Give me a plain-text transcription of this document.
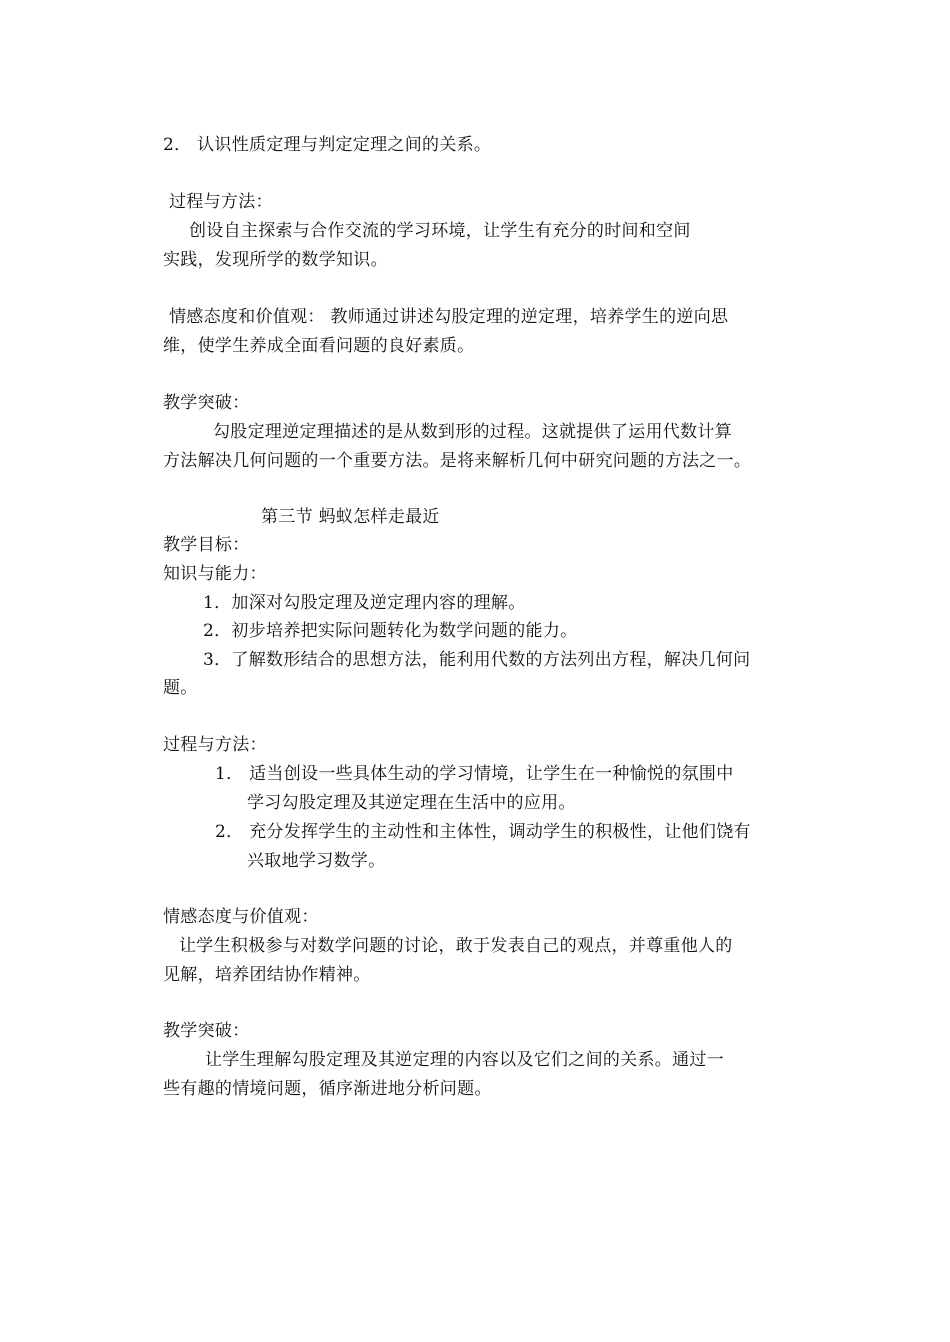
2． 认识性质定理与判定定理之间的关系。
过程与方法：
创设自主探索与合作交流的学习环境，让学生有充分的时间和空间
实践，发现所学的数学知识。
情感态度和价值观： 教师通过讲述勾股定理的逆定理，培养学生的逆向思
维，使学生养成全面看问题的良好素质。
教学突破：
勾股定理逆定理描述的是从数到形的过程。这就提供了运用代数计算
方法解决几何问题的一个重要方法。是将来解析几何中研究问题的方法之一。
第三节 蚂蚁怎样走最近
教学目标：
知识与能力：
1．加深对勾股定理及逆定理内容的理解。
2．初步培养把实际问题转化为数学问题的能力。
3．了解数形结合的思想方法，能利用代数的方法列出方程，解决几何问
题。
过程与方法：
1． 适当创设一些具体生动的学习情境，让学生在一种愉悦的氛围中
学习勾股定理及其逆定理在生活中的应用。
2． 充分发挥学生的主动性和主体性，调动学生的积极性，让他们饶有
兴取地学习数学。
情感态度与价值观：
让学生积极参与对数学问题的讨论，敢于发表自己的观点，并尊重他人的
见解，培养团结协作精神。
教学突破：
让学生理解勾股定理及其逆定理的内容以及它们之间的关系。通过一
些有趣的情境问题，循序渐进地分析问题。
